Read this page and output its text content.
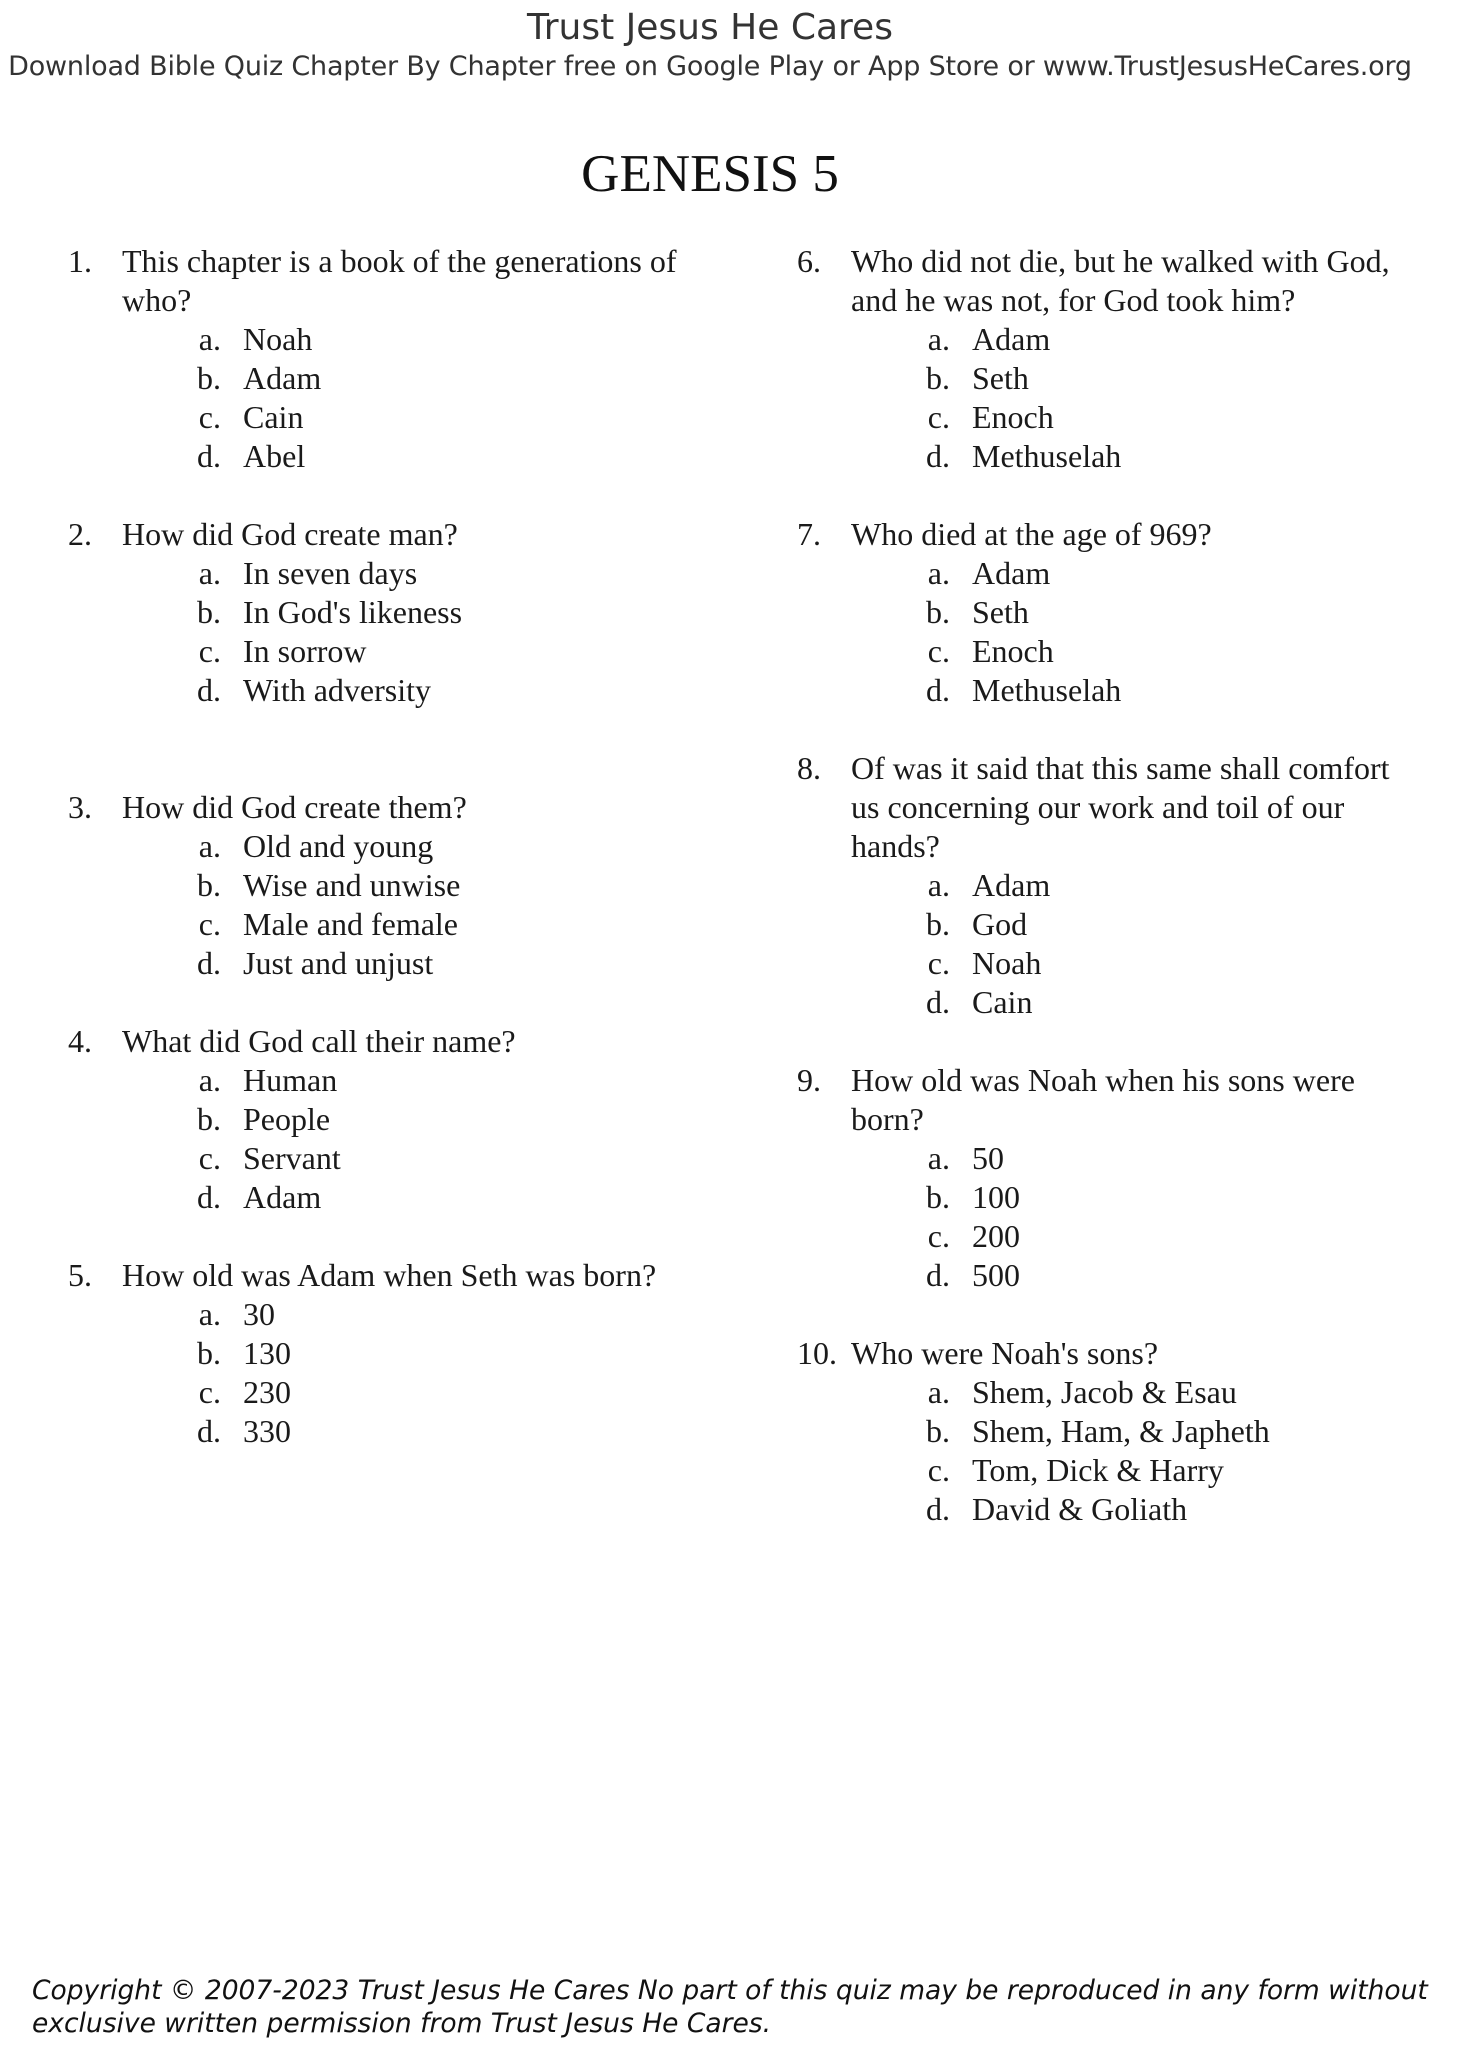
Trust Jesus He Cares
Download Bible Quiz Chapter By Chapter free on Google Play or App Store or www.TrustJesusHeCares.org
GENESIS 5
1. This chapter is a book of the generations of who?
a. Noah
b. Adam
c. Cain
d. Abel
2. How did God create man?
a. In seven days
b. In God's likeness
c. In sorrow
d. With adversity
3. How did God create them?
a. Old and young
b. Wise and unwise
c. Male and female
d. Just and unjust
4. What did God call their name?
a. Human
b. People
c. Servant
d. Adam
5. How old was Adam when Seth was born?
a. 30
b. 130
c. 230
d. 330
6. Who did not die, but he walked with God, and he was not, for God took him?
a. Adam
b. Seth
c. Enoch
d. Methuselah
7. Who died at the age of 969?
a. Adam
b. Seth
c. Enoch
d. Methuselah
8. Of was it said that this same shall comfort us concerning our work and toil of our hands?
a. Adam
b. God
c. Noah
d. Cain
9. How old was Noah when his sons were born?
a. 50
b. 100
c. 200
d. 500
10. Who were Noah's sons?
a. Shem, Jacob & Esau
b. Shem, Ham, & Japheth
c. Tom, Dick & Harry
d. David & Goliath
Copyright © 2007-2023 Trust Jesus He Cares No part of this quiz may be reproduced in any form without exclusive written permission from Trust Jesus He Cares.
